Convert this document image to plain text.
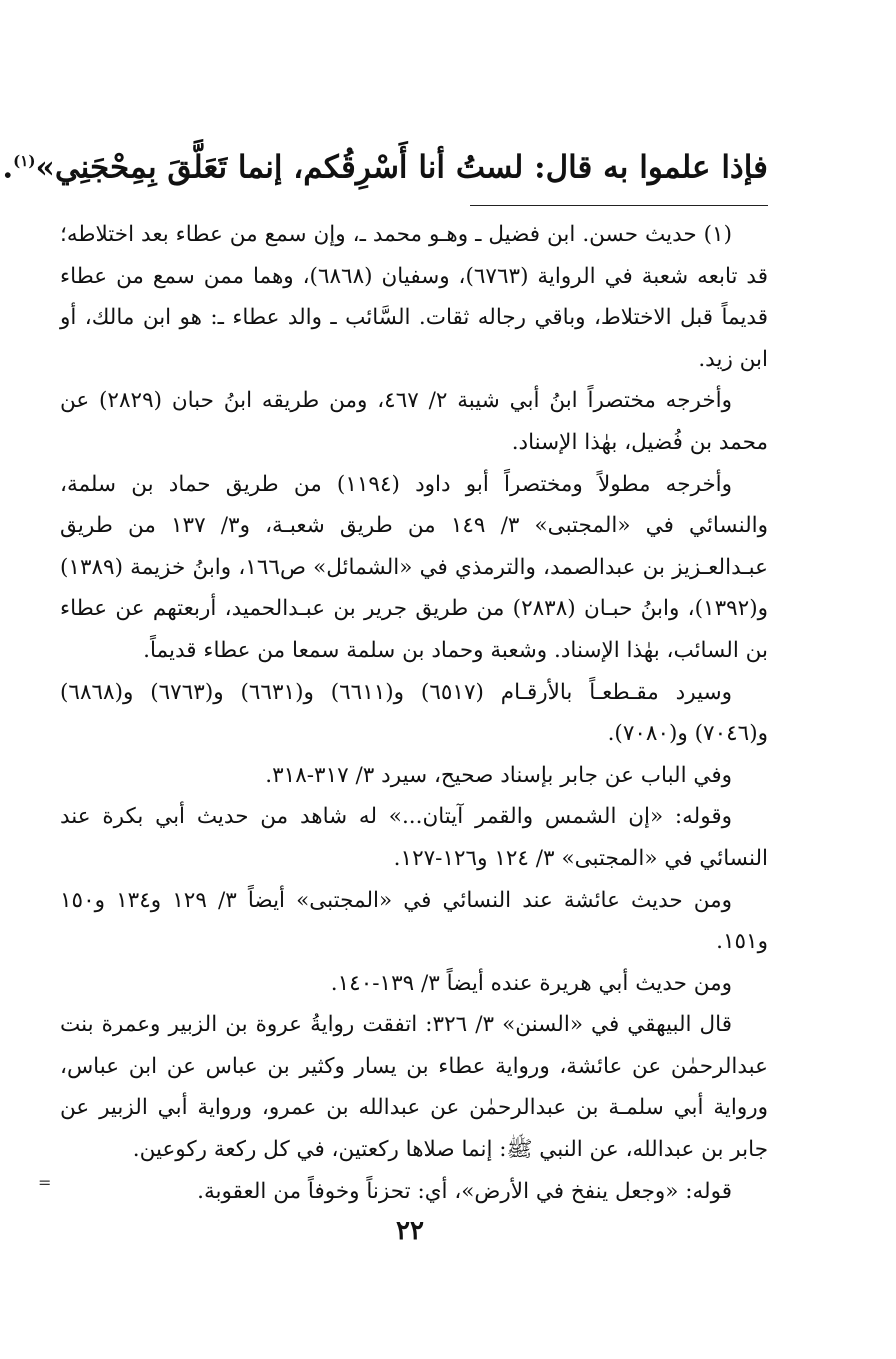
فإذا علموا به قال: لستُ أنا أَسْرِقُكم، إنما تَعَلَّقَ بِمِحْجَنِي»$^{(١)}$.

(١) حديث حسن. ابن فضيل ـ وهـو محمد ـ، وإن سمع من عطاء بعد اختلاطه؛ قد تابعه شعبة في الرواية (٦٧٦٣)، وسفيان (٦٨٦٨)، وهما ممن سمع من عطاء قديماً قبل الاختلاط، وباقي رجاله ثقات. السَّائب ـ والد عطاء ـ: هو ابن مالك، أو ابن زيد.

وأخرجه مختصراً ابنُ أبي شيبة ٢/ ٤٦٧، ومن طريقه ابنُ حبان (٢٨٢٩) عن محمد بن فُضيل، بهٰذا الإسناد.

وأخرجه مطولاً ومختصراً أبو داود (١١٩٤) من طريق حماد بن سلمة، والنسائي في «المجتبى» ٣/ ١٤٩ من طريق شعبـة، و٣/ ١٣٧ من طريق عبـدالعـزيز بن عبدالصمد، والترمذي في «الشمائل» ص١٦٦، وابنُ خزيمة (١٣٨٩) و(١٣٩٢)، وابنُ حبـان (٢٨٣٨) من طريق جرير بن عبـدالحميد، أربعتهم عن عطاء بن السائب، بهٰذا الإسناد. وشعبة وحماد بن سلمة سمعا من عطاء قديماً.

وسيرد مقـطعـاً بالأرقـام (٦٥١٧) و(٦٦١١) و(٦٦٣١) و(٦٧٦٣) و(٦٨٦٨) و(٧٠٤٦) و(٧٠٨٠).

وفي الباب عن جابر بإسناد صحيح، سيرد ٣/ ٣١٧-٣١٨.

وقوله: «إن الشمس والقمر آيتان...» له شاهد من حديث أبي بكرة عند النسائي في «المجتبى» ٣/ ١٢٤ و١٢٦-١٢٧.

ومن حديث عائشة عند النسائي في «المجتبى» أيضاً ٣/ ١٢٩ و١٣٤ و١٥٠ و١٥١.

ومن حديث أبي هريرة عنده أيضاً ٣/ ١٣٩-١٤٠.

قال البيهقي في «السنن» ٣/ ٣٢٦: اتفقت روايةُ عروة بن الزبير وعمرة بنت عبدالرحمٰن عن عائشة، ورواية عطاء بن يسار وكثير بن عباس عن ابن عباس، ورواية أبي سلمـة بن عبدالرحمٰن عن عبدالله بن عمرو، ورواية أبي الزبير عن جابر بن عبدالله، عن النبي ﷺ: إنما صلاها ركعتين، في كل ركعة ركوعين.

قوله: «وجعل ينفخ في الأرض»، أي: تحزناً وخوفاً من العقوبة.

=
٢٢
